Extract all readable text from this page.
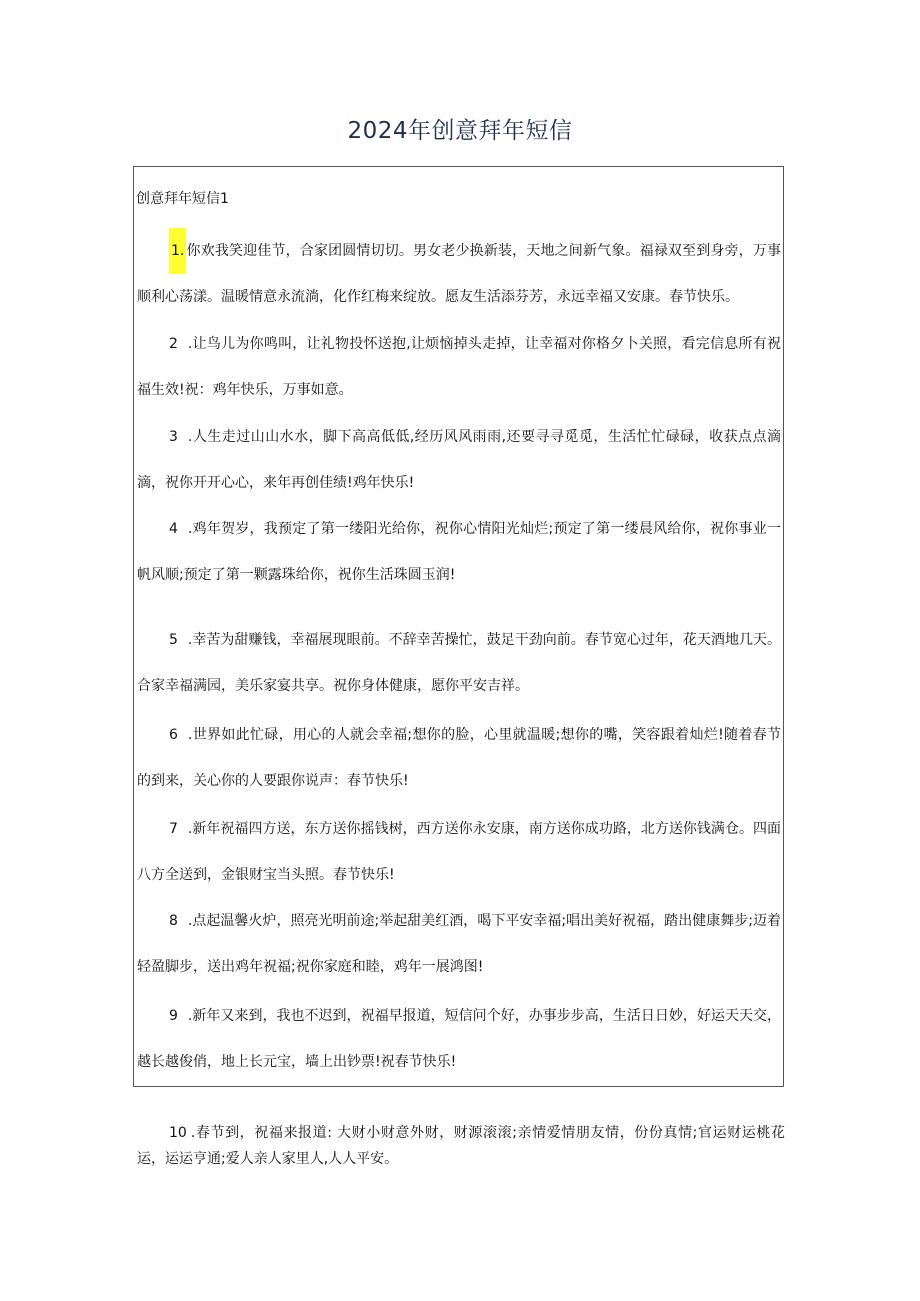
2024年创意拜年短信
创意拜年短信1
1. 你欢我笑迎佳节，合家团圆情切切。男女老少换新装，天地之间新气象。福禄双至到身旁，万事顺利心荡漾。温暖情意永流淌，化作红梅来绽放。愿友生活添芬芳，永远幸福又安康。春节快乐。
2 .让鸟儿为你鸣叫，让礼物投怀送抱,让烦恼掉头走掉，让幸福对你格夕卜关照，看完信息所有祝福生效!祝：鸡年快乐，万事如意。
3 .人生走过山山水水，脚下高高低低,经历风风雨雨,还要寻寻觅觅，生活忙忙碌碌，收获点点滴滴，祝你开开心心，来年再创佳绩!鸡年快乐!
4 .鸡年贺岁，我预定了第一缕阳光给你，祝你心情阳光灿烂;预定了第一缕晨风给你，祝你事业一帆风顺;预定了第一颗露珠给你，祝你生活珠圆玉润!
5 .幸苦为甜赚钱，幸福展现眼前。不辞幸苦操忙，鼓足干劲向前。春节宽心过年，花天酒地几天。合家幸福满园，美乐家宴共享。祝你身体健康，愿你平安吉祥。
6 .世界如此忙碌，用心的人就会幸福;想你的脸，心里就温暖;想你的嘴，笑容跟着灿烂!随着春节的到来，关心你的人要跟你说声：春节快乐!
7 .新年祝福四方送，东方送你摇钱树，西方送你永安康，南方送你成功路，北方送你钱满仓。四面八方全送到，金银财宝当头照。春节快乐!
8 .点起温馨火炉，照亮光明前途;举起甜美红酒，喝下平安幸福;唱出美好祝福，踏出健康舞步;迈着轻盈脚步，送出鸡年祝福;祝你家庭和睦，鸡年一展鸿图!
9 .新年又来到，我也不迟到，祝福早报道，短信问个好，办事步步高，生活日日妙，好运天天交，越长越俊俏，地上长元宝，墙上出钞票!祝春节快乐!
10 .春节到，祝福来报道: 大财小财意外财，财源滚滚;亲情爱情朋友情，份份真情;官运财运桃花运，运运亨通;爱人亲人家里人,人人平安。
